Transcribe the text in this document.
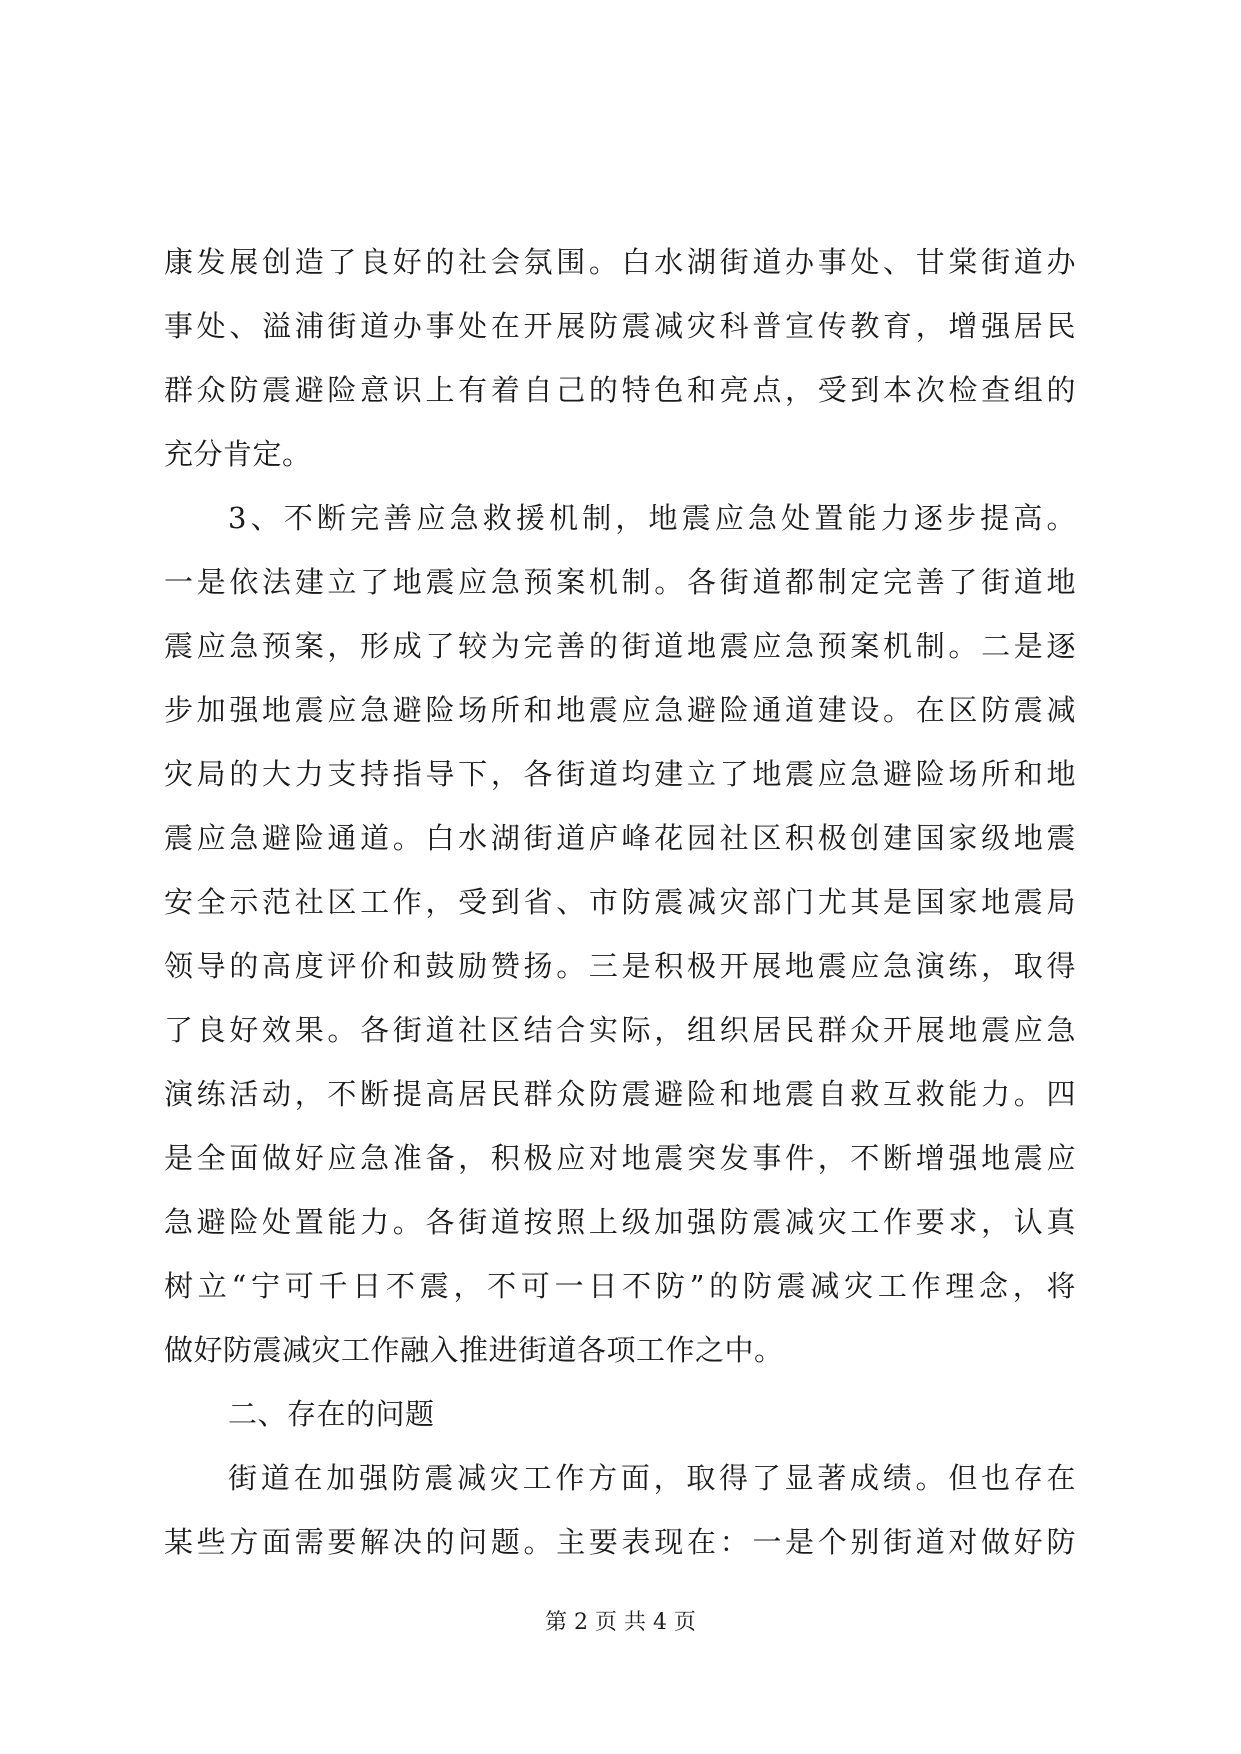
康发展创造了良好的社会氛围。白水湖街道办事处、甘棠街道办
事处、溢浦街道办事处在开展防震减灾科普宣传教育，增强居民
群众防震避险意识上有着自己的特色和亮点，受到本次检查组的
充分肯定。
3、不断完善应急救援机制，地震应急处置能力逐步提高。
一是依法建立了地震应急预案机制。各街道都制定完善了街道地
震应急预案，形成了较为完善的街道地震应急预案机制。二是逐
步加强地震应急避险场所和地震应急避险通道建设。在区防震减
灾局的大力支持指导下，各街道均建立了地震应急避险场所和地
震应急避险通道。白水湖街道庐峰花园社区积极创建国家级地震
安全示范社区工作，受到省、市防震减灾部门尤其是国家地震局
领导的高度评价和鼓励赞扬。三是积极开展地震应急演练，取得
了良好效果。各街道社区结合实际，组织居民群众开展地震应急
演练活动，不断提高居民群众防震避险和地震自救互救能力。四
是全面做好应急准备，积极应对地震突发事件，不断增强地震应
急避险处置能力。各街道按照上级加强防震减灾工作要求，认真
树立“宁可千日不震，不可一日不防”的防震减灾工作理念，将
做好防震减灾工作融入推进街道各项工作之中。
二、存在的问题
街道在加强防震减灾工作方面，取得了显著成绩。但也存在
某些方面需要解决的问题。主要表现在：一是个别街道对做好防
第 2 页 共 4 页
